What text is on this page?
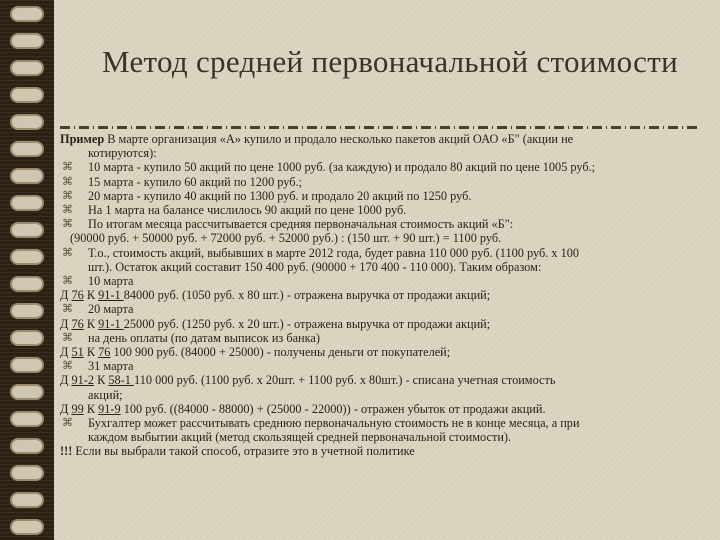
Метод средней первоначальной стоимости
Пример В марте организация «А» купило и продало несколько пакетов акций ОАО «Б" (акции не
котируются):
⌘ 10 марта - купило 50 акций по цене 1000 руб. (за каждую) и продало 80 акций по цене 1005 руб.;
⌘ 15 марта - купило 60 акций по 1200 руб.;
⌘ 20 марта - купило 40 акций по 1300 руб. и продало 20 акций по 1250 руб.
⌘ На 1 марта на балансе числилось 90 акций по цене 1000 руб.
⌘ По итогам месяца рассчитывается средняя первоначальная стоимость акций «Б":
(90000 руб. + 50000 руб. + 72000 руб. + 52000 руб.) : (150 шт. + 90 шт.) = 1100 руб.
⌘ Т.о., стоимость акций, выбывших в марте 2012 года, будет равна 110 000 руб. (1100 руб. х 100
шт.). Остаток акций составит 150 400 руб. (90000 + 170 400 - 110 000). Таким образом:
⌘ 10 марта
Д 76 К 91-1 84000 руб. (1050 руб. х 80 шт.) - отражена выручка от продажи акций;
⌘ 20 марта
Д 76 К 91-1 25000 руб. (1250 руб. х 20 шт.) - отражена выручка от продажи акций;
⌘ на день оплаты (по датам выписок из банка)
Д 51 К 76 100 900 руб. (84000 + 25000) - получены деньги от покупателей;
⌘ 31 марта
Д 91-2 К 58-1 110 000 руб. (1100 руб. х 20шт. + 1100 руб. х 80шт.) - списана учетная стоимость
акций;
Д 99 К 91-9 100 руб. ((84000 - 88000) + (25000 - 22000)) - отражен убыток от продажи акций.
⌘ Бухгалтер может рассчитывать среднюю первоначальную стоимость не в конце месяца, а при
каждом выбытии акций (метод скользящей средней первоначальной стоимости).
!!! Если вы выбрали такой способ, отразите это в учетной политике
